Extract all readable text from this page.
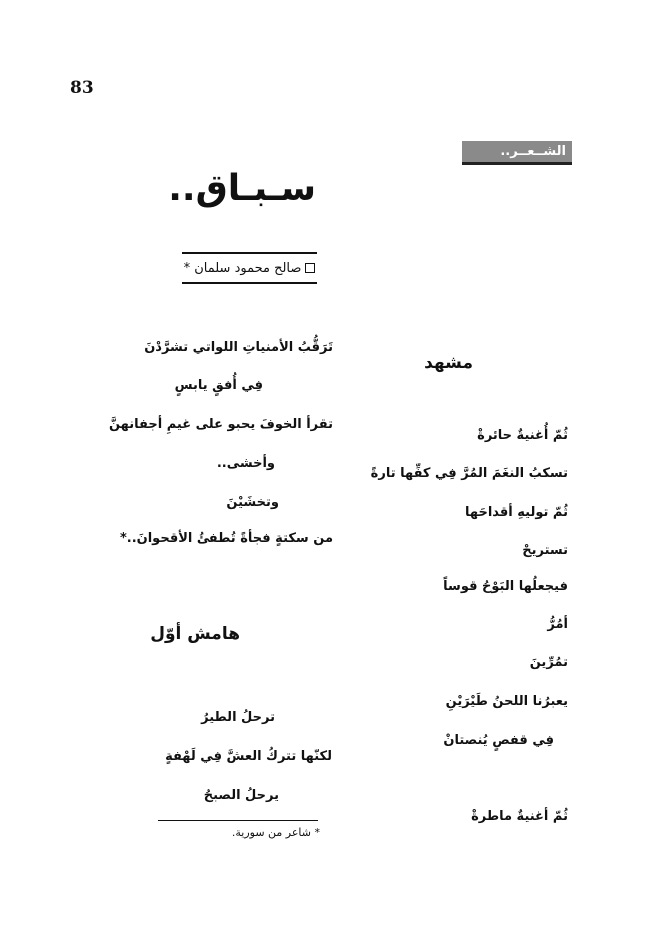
83
الشــعــر..
سـبـاق..
صالح محمود سلمان *
تَرَقُّبُ الأمنياتِ اللواتي تشرَّدْنَ
فِي أُفقٍ يابسٍ
تقرأ الخوفَ يحبو على غيمِ أجفانهنَّ
وأخشى..
وتخشَيْنَ
من سكتةٍ فجأةً تُطفئُ الأقحوانَ..*
هامش أوّل
ترحلُ الطيرُ
لكنّها تتركُ العشَّ فِي لَهْفةٍ
يرحلُ الصبحُ
* شاعر من سورية.
مشهد
ثُمّ أُغنيةٌ حائرةْ
تسكبُ النغَمَ المُرَّ فِي كفِّها تارةً
ثُمّ توليهِ أقداحَها
تستريحْ
فيجعلُها البَوْحُ قوساً
أمُرُّ
تمُرِّينَ
يعبرُنا اللحنُ طَيْرَيْنِ
فِي قفصٍ يُنصتانْ
ثُمّ أغنيةٌ ماطرةْ
